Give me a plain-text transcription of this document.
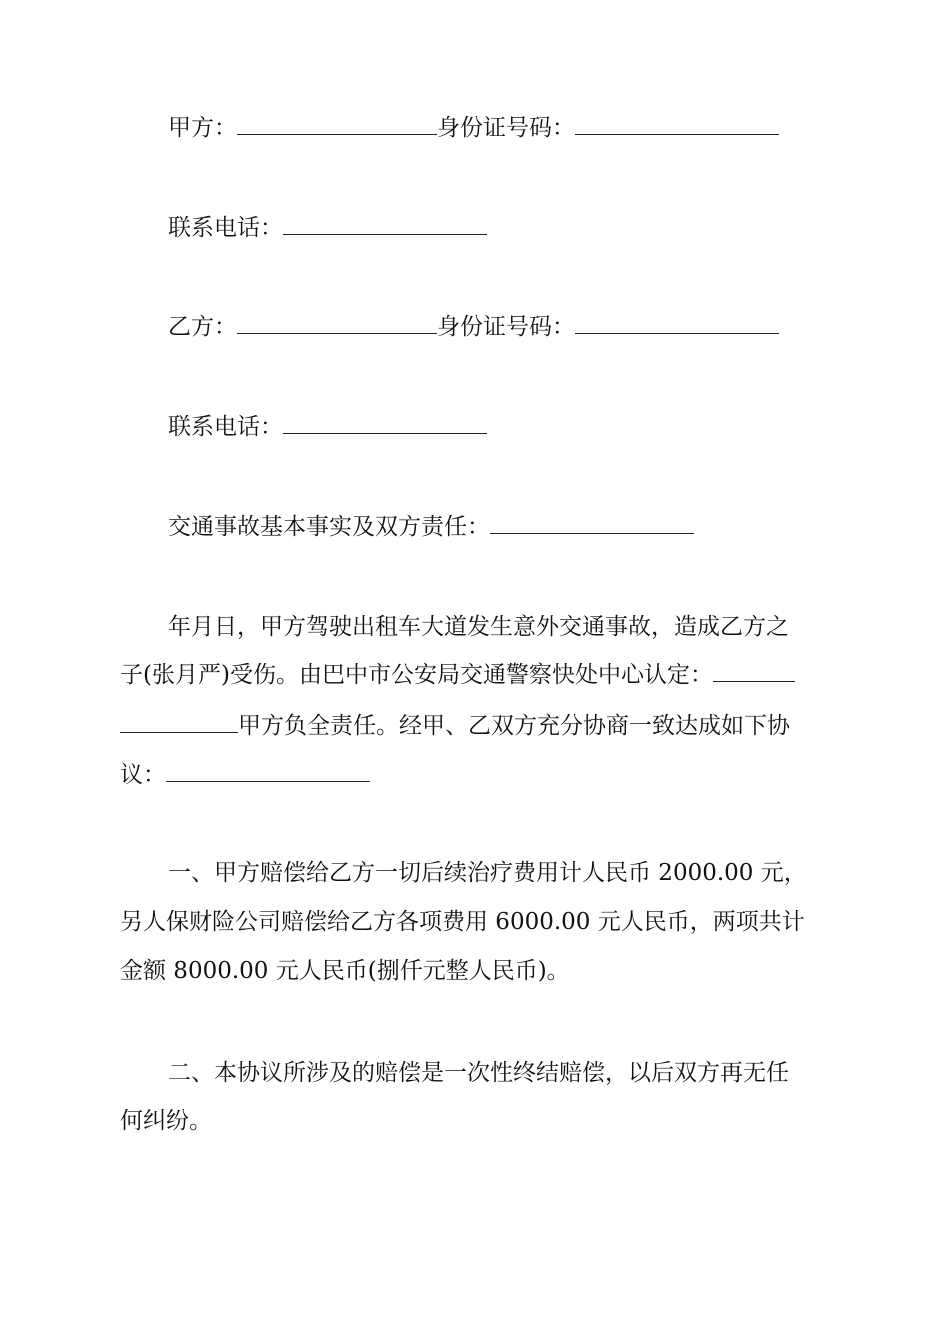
甲方：	身份证号码：
联系电话：
乙方：	身份证号码：
联系电话：
交通事故基本事实及双方责任：
年月日，甲方驾驶出租车大道发生意外交通事故，造成乙方之
子(张月严)受伤。由巴中市公安局交通警察快处中心认定：
甲方负全责任。经甲、乙双方充分协商一致达成如下协
议：
一、甲方赔偿给乙方一切后续治疗费用计人民币 2000.00 元，
另人保财险公司赔偿给乙方各项费用 6000.00 元人民币，两项共计
金额 8000.00 元人民币(捌仟元整人民币)。
二、本协议所涉及的赔偿是一次性终结赔偿，以后双方再无任
何纠纷。
